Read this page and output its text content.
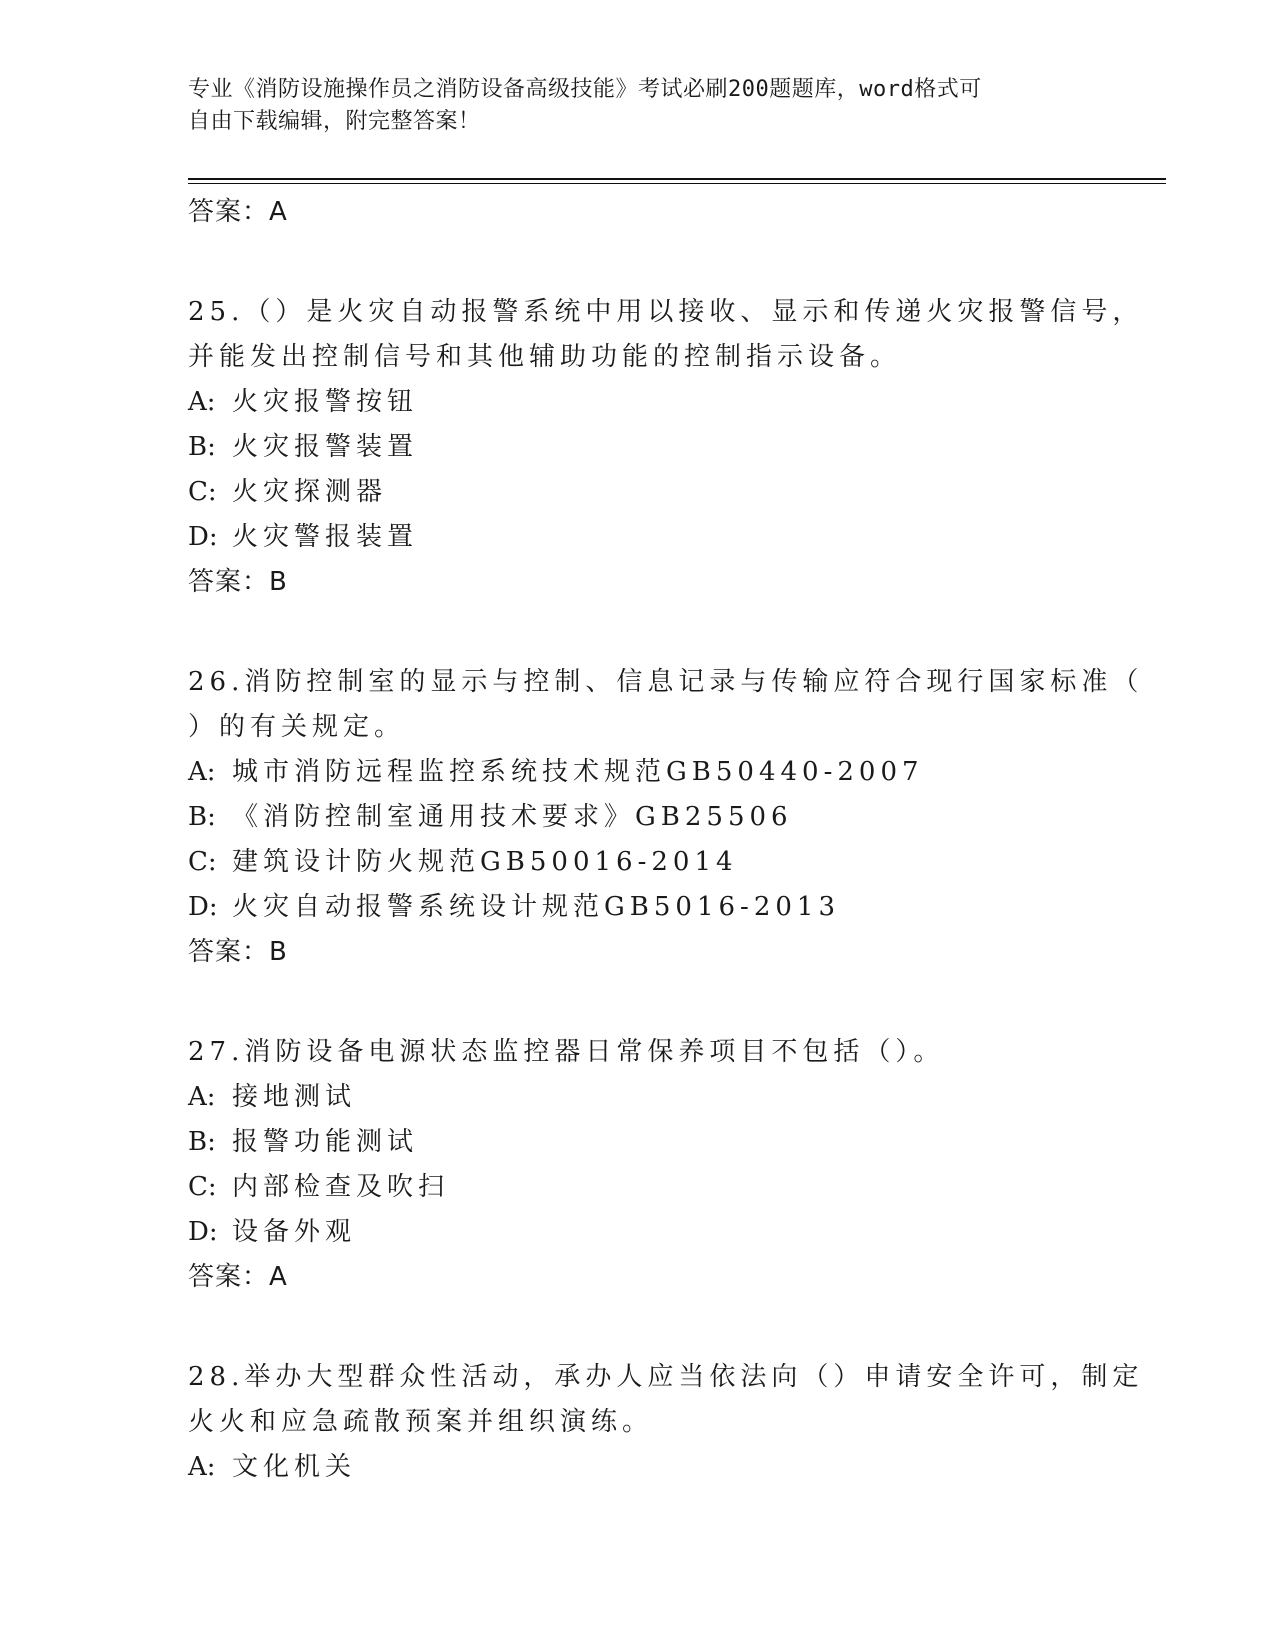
专业《消防设施操作员之消防设备高级技能》考试必刷200题题库，word格式可
自由下载编辑，附完整答案！

答案：A

25.（）是火灾自动报警系统中用以接收、显示和传递火灾报警信号，

并能发出控制信号和其他辅助功能的控制指示设备。

A: 火灾报警按钮

B: 火灾报警装置

C: 火灾探测器

D: 火灾警报装置

答案：B

26.消防控制室的显示与控制、信息记录与传输应符合现行国家标准（

）的有关规定。

A: 城市消防远程监控系统技术规范GB50440-2007

B: 《消防控制室通用技术要求》GB25506

C: 建筑设计防火规范GB50016-2014

D: 火灾自动报警系统设计规范GB5016-2013

答案：B

27.消防设备电源状态监控器日常保养项目不包括（）。

A: 接地测试

B: 报警功能测试

C: 内部检查及吹扫

D: 设备外观

答案：A

28.举办大型群众性活动，承办人应当依法向（）申请安全许可，制定

火火和应急疏散预案并组织演练。

A: 文化机关
